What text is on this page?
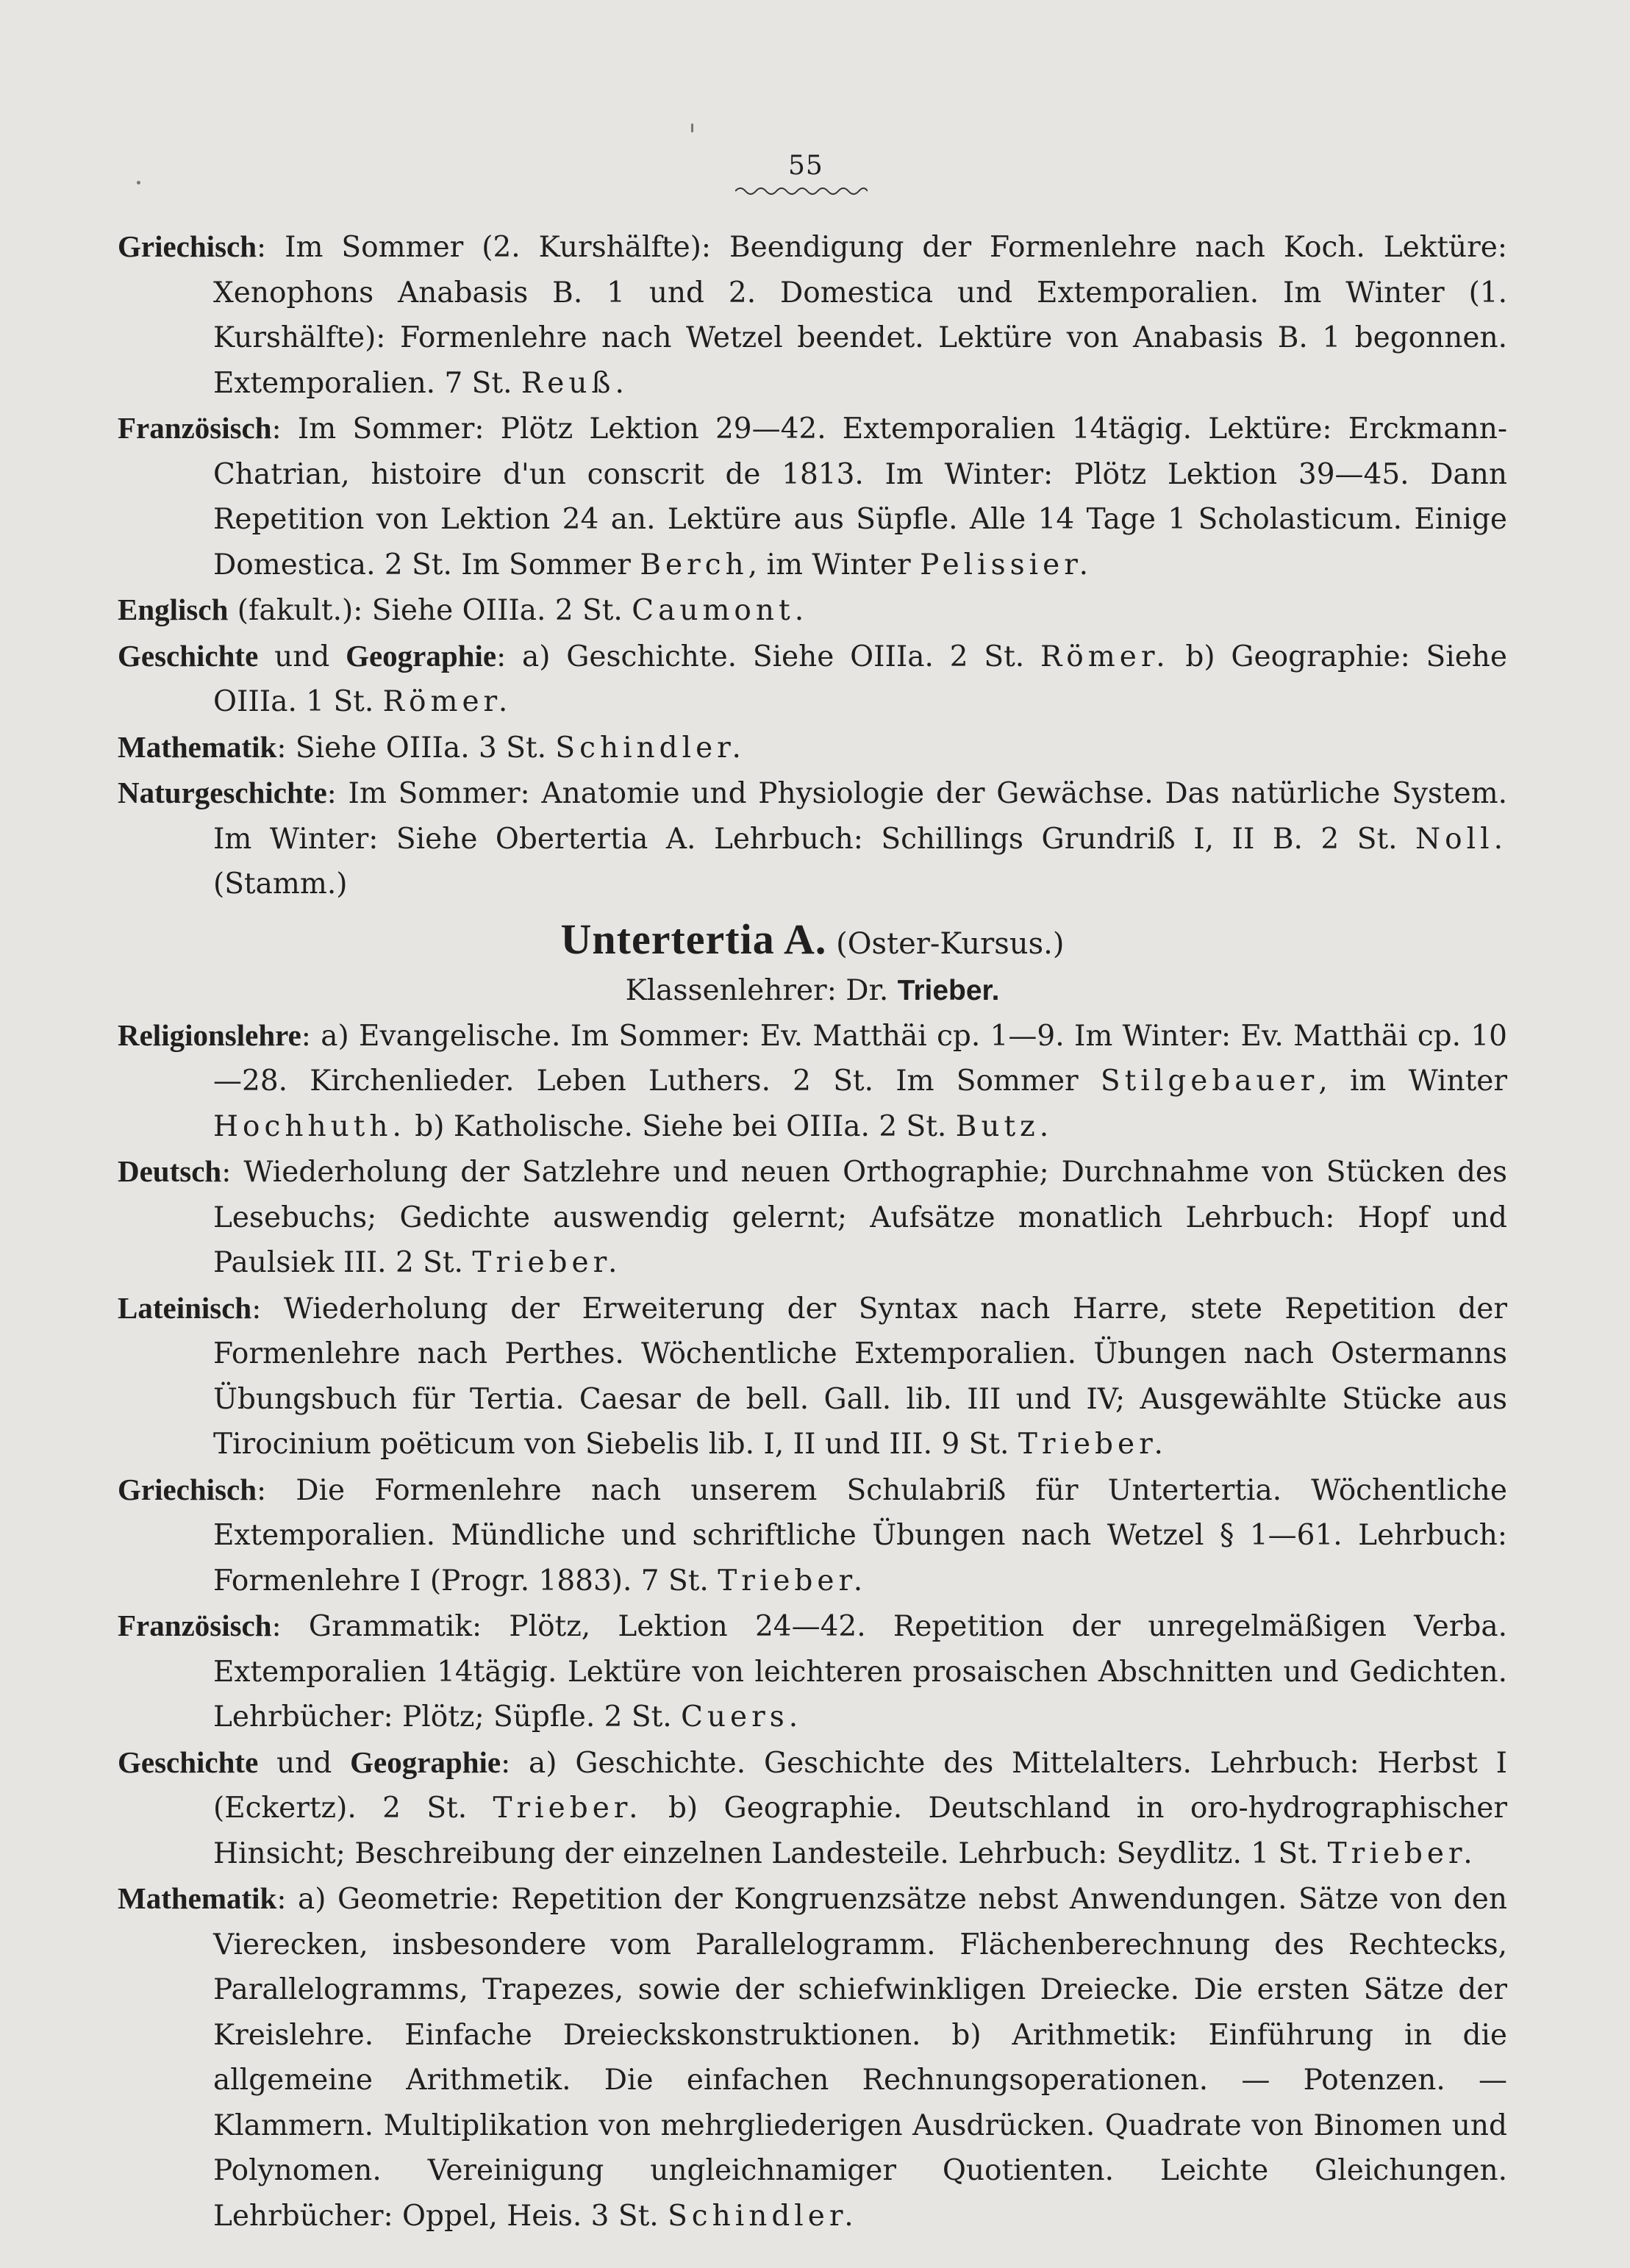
55

Griechisch: Im Sommer (2. Kurshälfte): Beendigung der Formenlehre nach Koch. Lektüre: Xenophons Anabasis B. 1 und 2. Domestica und Extemporalien. Im Winter (1. Kurshälfte): Formenlehre nach Wetzel beendet. Lektüre von Anabasis B. 1 begonnen. Extemporalien. 7 St. Reuß.

Französisch: Im Sommer: Plötz Lektion 29—42. Extemporalien 14tägig. Lektüre: Erckmann-Chatrian, histoire d'un conscrit de 1813. Im Winter: Plötz Lektion 39—45. Dann Repetition von Lektion 24 an. Lektüre aus Süpfle. Alle 14 Tage 1 Scholasticum. Einige Domestica. 2 St. Im Sommer Berch, im Winter Pelissier.

Englisch (fakult.): Siehe OIIIa. 2 St. Caumont.

Geschichte und Geographie: a) Geschichte. Siehe OIIIa. 2 St. Römer. b) Geographie: Siehe OIIIa. 1 St. Römer.

Mathematik: Siehe OIIIa. 3 St. Schindler.

Naturgeschichte: Im Sommer: Anatomie und Physiologie der Gewächse. Das natürliche System. Im Winter: Siehe Obertertia A. Lehrbuch: Schillings Grundriß I, II B. 2 St. Noll. (Stamm.)

Untertertia A. (Oster-Kursus.)
Klassenlehrer: Dr. Trieber.

Religionslehre: a) Evangelische. Im Sommer: Ev. Matthäi cp. 1—9. Im Winter: Ev. Matthäi cp. 10—28. Kirchenlieder. Leben Luthers. 2 St. Im Sommer Stilgebauer, im Winter Hochhuth. b) Katholische. Siehe bei OIIIa. 2 St. Butz.

Deutsch: Wiederholung der Satzlehre und neuen Orthographie; Durchnahme von Stücken des Lesebuchs; Gedichte auswendig gelernt; Aufsätze monatlich Lehrbuch: Hopf und Paulsiek III. 2 St. Trieber.

Lateinisch: Wiederholung der Erweiterung der Syntax nach Harre, stete Repetition der Formenlehre nach Perthes. Wöchentliche Extemporalien. Übungen nach Ostermanns Übungsbuch für Tertia. Caesar de bell. Gall. lib. III und IV; Ausgewählte Stücke aus Tirocinium poëticum von Siebelis lib. I, II und III. 9 St. Trieber.

Griechisch: Die Formenlehre nach unserem Schulabriß für Untertertia. Wöchentliche Extemporalien. Mündliche und schriftliche Übungen nach Wetzel § 1—61. Lehrbuch: Formenlehre I (Progr. 1883). 7 St. Trieber.

Französisch: Grammatik: Plötz, Lektion 24—42. Repetition der unregelmäßigen Verba. Extemporalien 14tägig. Lektüre von leichteren prosaischen Abschnitten und Gedichten. Lehrbücher: Plötz; Süpfle. 2 St. Cuers.

Geschichte und Geographie: a) Geschichte. Geschichte des Mittelalters. Lehrbuch: Herbst I (Eckertz). 2 St. Trieber. b) Geographie. Deutschland in oro-hydrographischer Hinsicht; Beschreibung der einzelnen Landesteile. Lehrbuch: Seydlitz. 1 St. Trieber.

Mathematik: a) Geometrie: Repetition der Kongruenzsätze nebst Anwendungen. Sätze von den Vierecken, insbesondere vom Parallelogramm. Flächenberechnung des Rechtecks, Parallelogramms, Trapezes, sowie der schiefwinkligen Dreiecke. Die ersten Sätze der Kreislehre. Einfache Dreieckskonstruktionen. b) Arithmetik: Einführung in die allgemeine Arithmetik. Die einfachen Rechnungsoperationen. — Potenzen. — Klammern. Multiplikation von mehrgliederigen Ausdrücken. Quadrate von Binomen und Polynomen. Vereinigung ungleichnamiger Quotienten. Leichte Gleichungen. Lehrbücher: Oppel, Heis. 3 St. Schindler.
